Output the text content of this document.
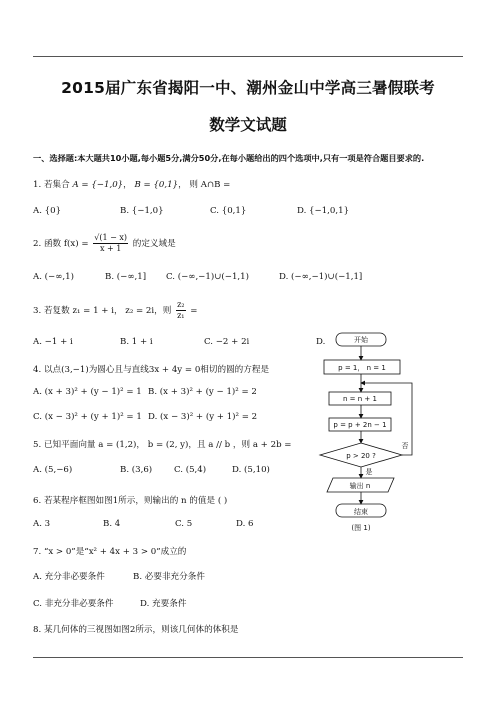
2015届广东省揭阳一中、潮州金山中学高三暑假联考
数学文试题
一、选择题:本大题共10小题,每小题5分,满分50分,在每小题给出的四个选项中,只有一项是符合题目要求的.
1. 若集合 A = {−1,0}， B = {0,1}， 则 A∩B =
A. {0}	B. {−1,0}	C. {0,1}	D. {−1,0,1}
2. 函数 $f(x) = \frac{√(1 - x)}{x + 1}$ 的定义域是
A. (−∞,1)	B. (−∞,1] C. (−∞,−1)∪(−1,1)	D. (−∞,−1)∪(−1,1]
3. 若复数 z₁ = 1 + i， z₂ = 2i，则 $\frac{\text{z₂}}{\text{z₁}}$ =
A. −1 + i	B. 1 + i	C. −2 + 2i	D.
4. 以点(3,−1)为圆心且与直线3x + 4y = 0相切的圆的方程是
A. (x + 3)² + (y − 1)² = 1 B. (x + 3)² + (y − 1)² = 2
C. (x − 3)² + (y + 1)² = 1 D. (x − 3)² + (y + 1)² = 2
5. 已知平面向量 a = (1,2)， b = (2, y)，且 a // b ，则 a + 2b =
A. (5,−6)	B. (3,6)	C. (5,4)	D. (5,10)
6. 若某程序框图如图1所示，则输出的 n 的值是 ( )
A. 3	B. 4	C. 5	D. 6
7. “x > 0”是“x² + 4x + 3 > 0”成立的
A. 充分非必要条件	B. 必要非充分条件
C. 非充分非必要条件	D. 充要条件
8. 某几何体的三视图如图2所示，则该几何体的体积是
开始
p = 1， n = 1
n = n + 1
p = p + 2n − 1
p > 20 ?
否
是
输出 n
结束
(图 1)
